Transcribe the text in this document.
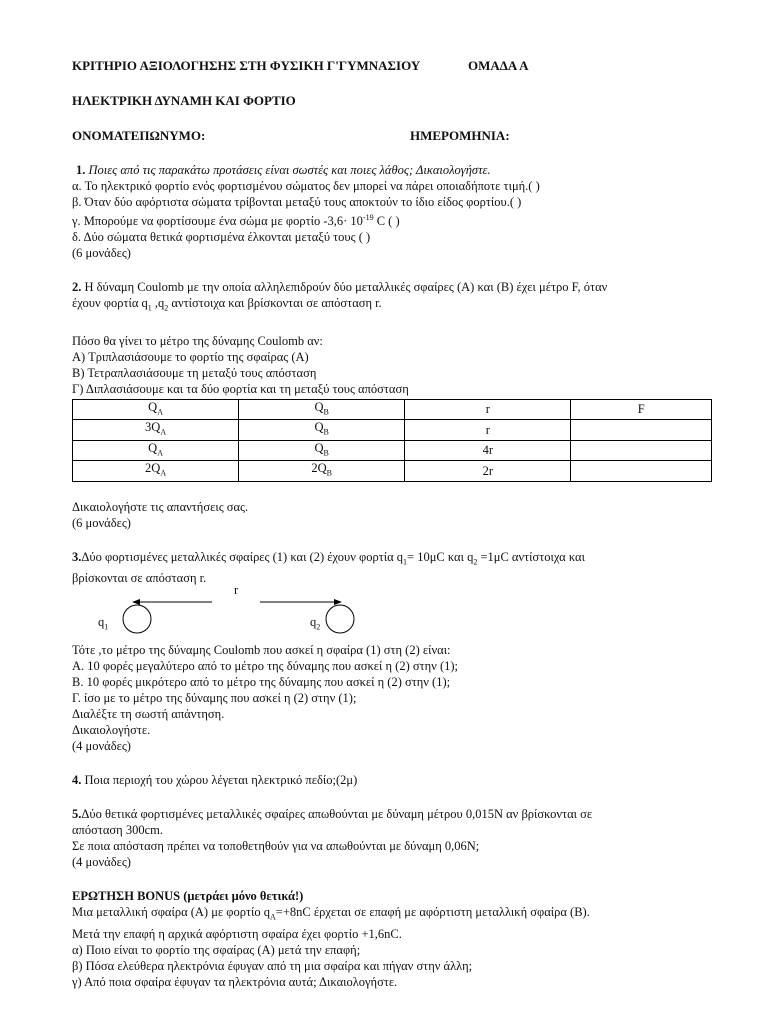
ΚΡΙΤΗΡΙΟ ΑΞΙΟΛΟΓΗΣΗΣ ΣΤΗ ΦΥΣΙΚΗ Γ'ΓΥΜΝΑΣΙΟΥ	ΟΜΑΔΑ Α
ΗΛΕΚΤΡΙΚΗ ΔΥΝΑΜΗ ΚΑΙ ΦΟΡΤΙΟ
ΟΝΟΜΑΤΕΠΩΝΥΜΟ:	ΗΜΕΡΟΜΗΝΙΑ:
1. Ποιες από τις παρακάτω προτάσεις είναι σωστές και ποιες λάθος; Δικαιολογήστε.
α. Το ηλεκτρικό φορτίο ενός φορτισμένου σώματος δεν μπορεί να πάρει οποιαδήποτε τιμή.( )
β. Όταν δύο αφόρτιστα σώματα τρίβονται μεταξύ τους αποκτούν το ίδιο είδος φορτίου.( )
γ. Μπορούμε να φορτίσουμε ένα σώμα με φορτίο $-3,6\cdot 10^{-19}$ C ( )
δ. Δύο σώματα θετικά φορτισμένα έλκονται μεταξύ τους ( )
(6 μονάδες)
2. Η δύναμη Coulomb με την οποία αλληλεπιδρούν δύο μεταλλικές σφαίρες (Α) και (Β) έχει μέτρο F, όταν
έχουν φορτία $q_1$ $,q_2$ αντίστοιχα και βρίσκονται σε απόσταση r.
Πόσο θα γίνει το μέτρο της δύναμης Coulomb αν:
Α) Τριπλασιάσουμε το φορτίο της σφαίρας (Α)
Β) Τετραπλασιάσουμε τη μεταξύ τους απόσταση
Γ) Διπλασιάσουμε και τα δύο φορτία και τη μεταξύ τους απόσταση
$Q_A$	$Q_B$	r	F
$3Q_A$	$Q_B$	r	
$Q_A$	$Q_B$	4r	
$2Q_A$	$2Q_B$	2r	
Δικαιολογήστε τις απαντήσεις σας.
(6 μονάδες)
3.Δύο φορτισμένες μεταλλικές σφαίρες (1) και (2) έχουν φορτία $q_1= 10\mu C$ και $q_2 =1\mu C$ αντίστοιχα και
βρίσκονται σε απόσταση r.
r
$q_1$	$q_2$
Τότε ,το μέτρο της δύναμης Coulomb που ασκεί η σφαίρα (1) στη (2) είναι:
Α. 10 φορές μεγαλύτερο από το μέτρο της δύναμης που ασκεί η (2) στην (1);
Β. 10 φορές μικρότερο από το μέτρο της δύναμης που ασκεί η (2) στην (1);
Γ. ίσο με το μέτρο της δύναμης που ασκεί η (2) στην (1);
Διαλέξτε τη σωστή απάντηση.
Δικαιολογήστε.
(4 μονάδες)
4. Ποια περιοχή του χώρου λέγεται ηλεκτρικό πεδίο;(2μ)
5.Δύο θετικά φορτισμένες μεταλλικές σφαίρες απωθούνται με δύναμη μέτρου 0,015Ν αν βρίσκονται σε
απόσταση 300cm.
Σε ποια απόσταση πρέπει να τοποθετηθούν για να απωθούνται με δύναμη 0,06Ν;
(4 μονάδες)
ΕΡΩΤΗΣΗ BONUS (μετράει μόνο θετικά!)
Μια μεταλλική σφαίρα (Α) με φορτίο $q_A=+8nC$ έρχεται σε επαφή με αφόρτιστη μεταλλική σφαίρα (Β).
Μετά την επαφή η αρχικά αφόρτιστη σφαίρα έχει φορτίο +1,6nC.
α) Ποιο είναι το φορτίο της σφαίρας (Α) μετά την επαφή;
β) Πόσα ελεύθερα ηλεκτρόνια έφυγαν από τη μια σφαίρα και πήγαν στην άλλη;
γ) Από ποια σφαίρα έφυγαν τα ηλεκτρόνια αυτά; Δικαιολογήστε.
